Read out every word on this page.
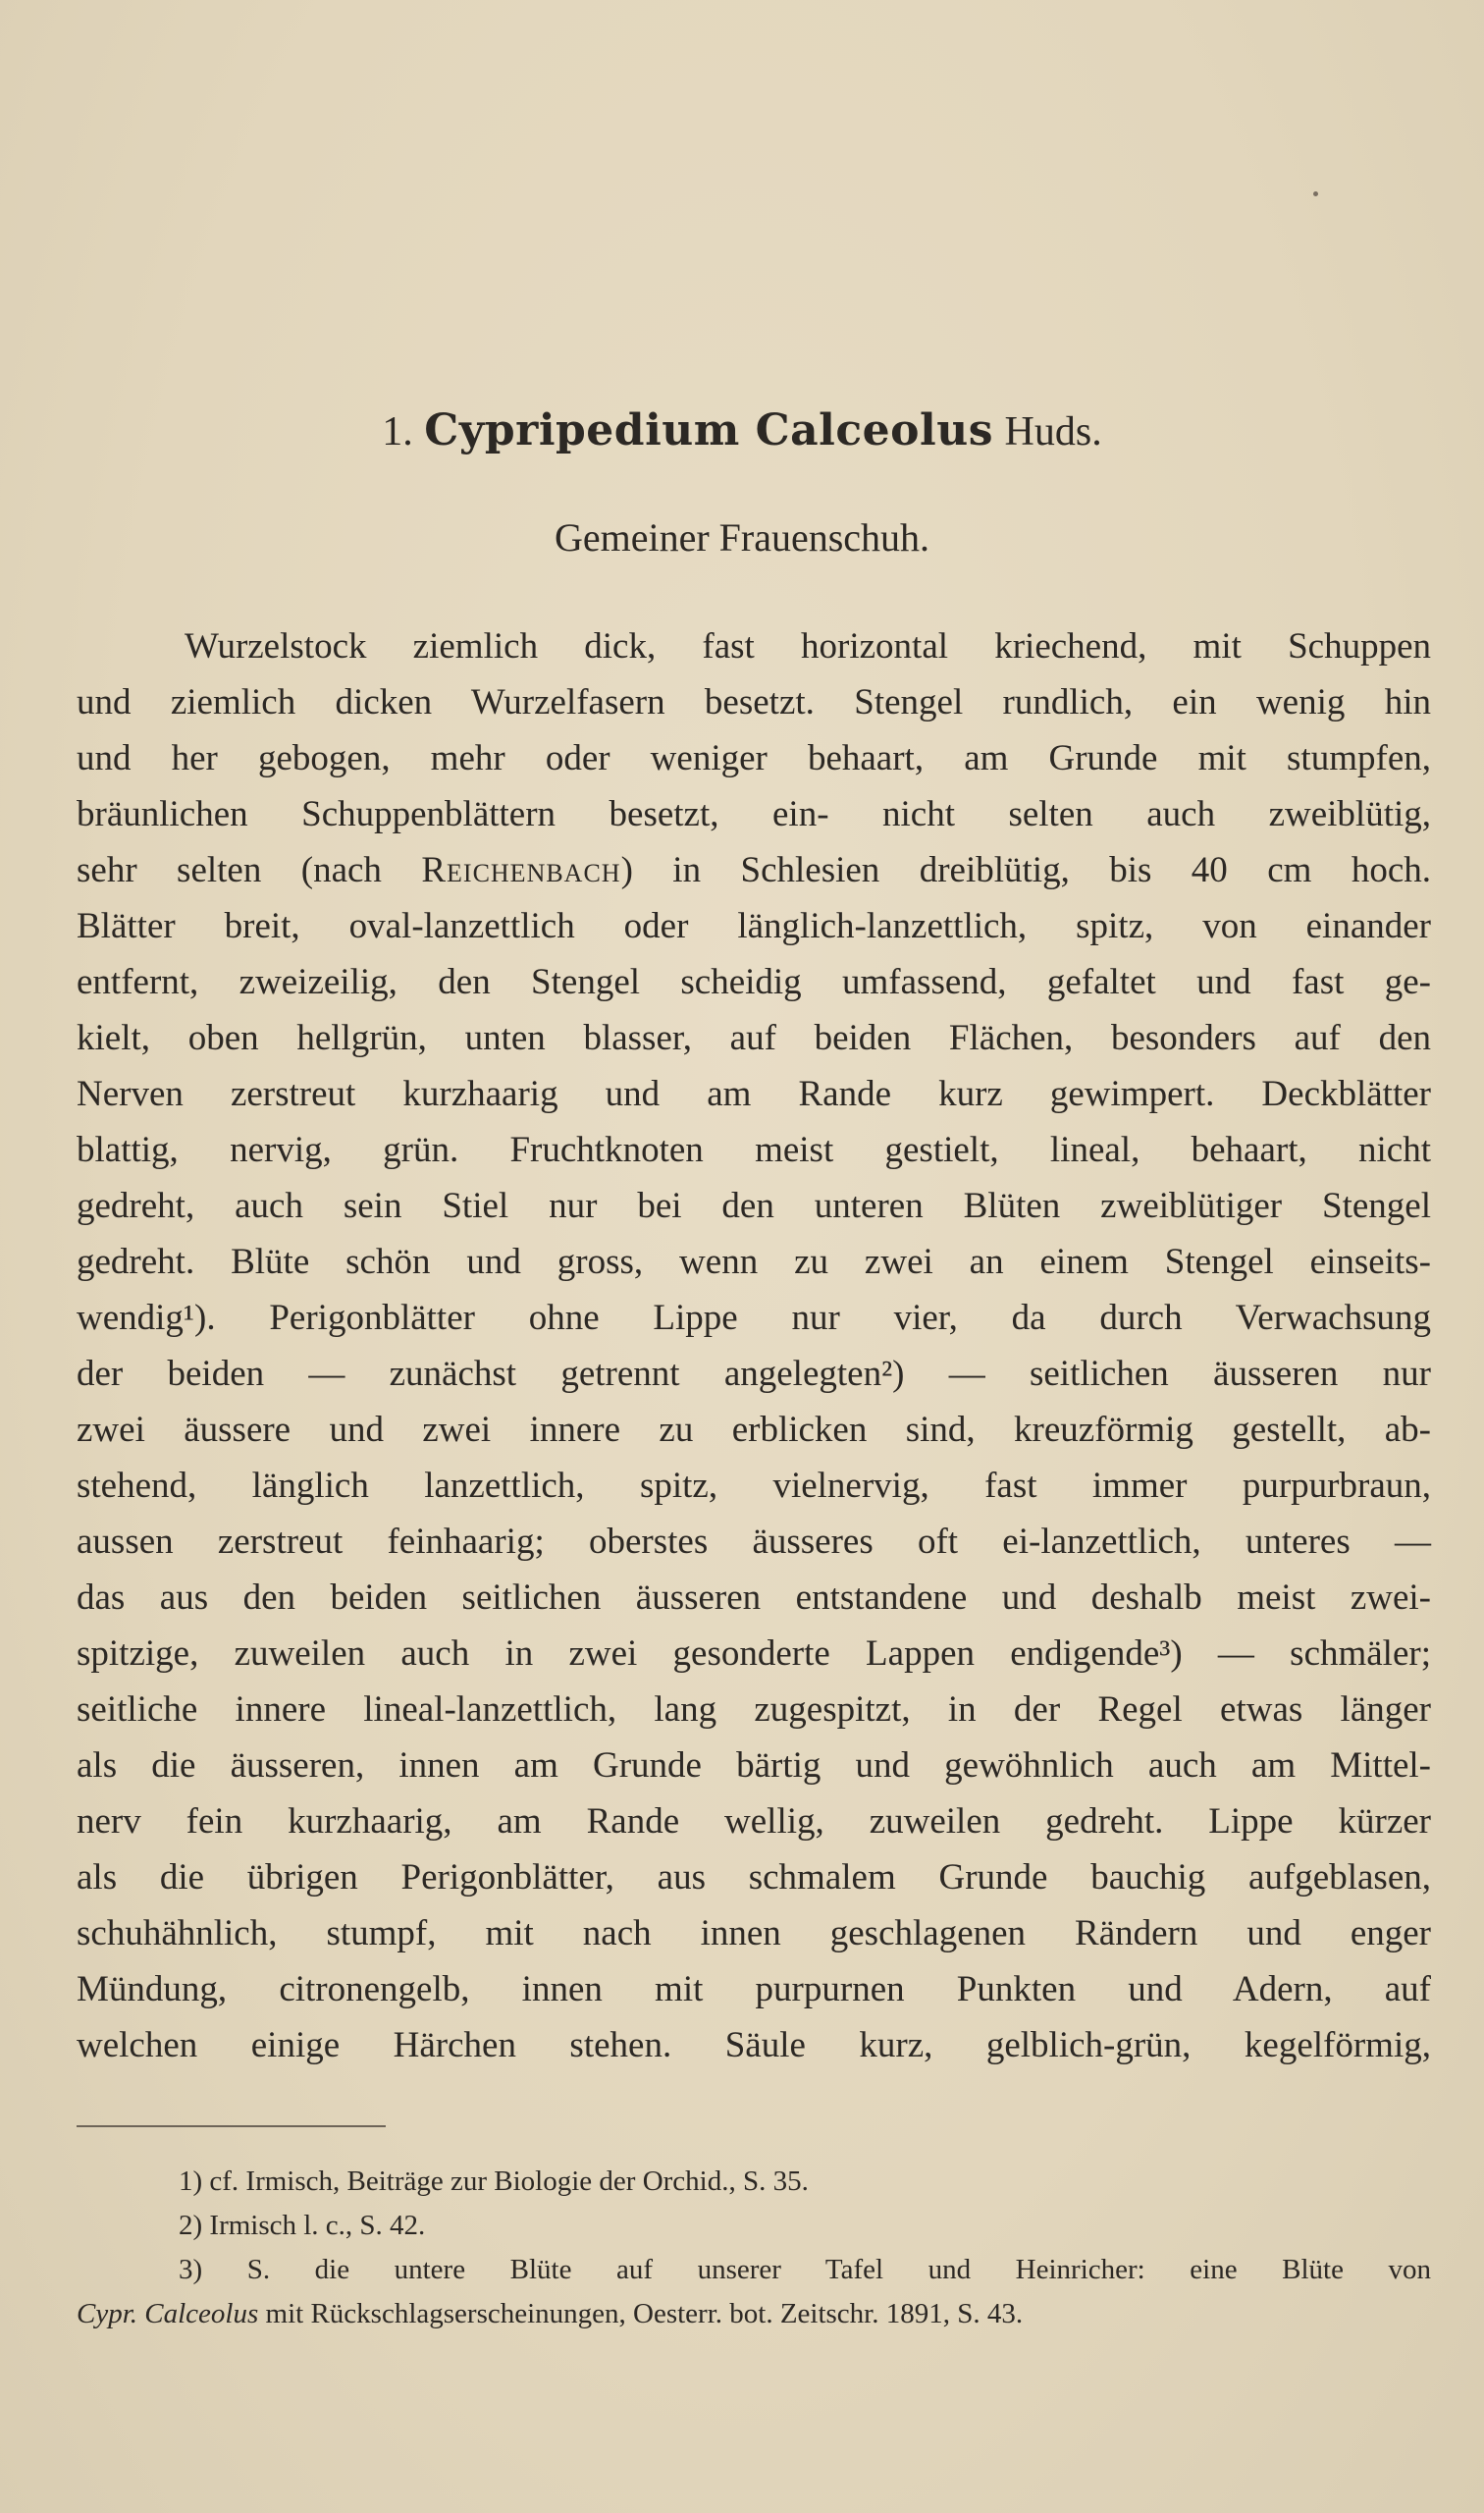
1. Cypripedium Calceolus Huds.
Gemeiner Frauenschuh.
Wurzelstock ziemlich dick, fast horizontal kriechend, mit Schuppen
und ziemlich dicken Wurzelfasern besetzt. Stengel rundlich, ein wenig hin
und her gebogen, mehr oder weniger behaart, am Grunde mit stumpfen,
bräunlichen Schuppenblättern besetzt, ein- nicht selten auch zweiblütig,
sehr selten (nach Reichenbach) in Schlesien dreiblütig, bis 40 cm hoch.
Blätter breit, oval-lanzettlich oder länglich-lanzettlich, spitz, von einander
entfernt, zweizeilig, den Stengel scheidig umfassend, gefaltet und fast ge-
kielt, oben hellgrün, unten blasser, auf beiden Flächen, besonders auf den
Nerven zerstreut kurzhaarig und am Rande kurz gewimpert. Deckblätter
blattig, nervig, grün. Fruchtknoten meist gestielt, lineal, behaart, nicht
gedreht, auch sein Stiel nur bei den unteren Blüten zweiblütiger Stengel
gedreht. Blüte schön und gross, wenn zu zwei an einem Stengel einseits-
wendig¹). Perigonblätter ohne Lippe nur vier, da durch Verwachsung
der beiden — zunächst getrennt angelegten²) — seitlichen äusseren nur
zwei äussere und zwei innere zu erblicken sind, kreuzförmig gestellt, ab-
stehend, länglich lanzettlich, spitz, vielnervig, fast immer purpurbraun,
aussen zerstreut feinhaarig; oberstes äusseres oft ei-lanzettlich, unteres —
das aus den beiden seitlichen äusseren entstandene und deshalb meist zwei-
spitzige, zuweilen auch in zwei gesonderte Lappen endigende³) — schmäler;
seitliche innere lineal-lanzettlich, lang zugespitzt, in der Regel etwas länger
als die äusseren, innen am Grunde bärtig und gewöhnlich auch am Mittel-
nerv fein kurzhaarig, am Rande wellig, zuweilen gedreht. Lippe kürzer
als die übrigen Perigonblätter, aus schmalem Grunde bauchig aufgeblasen,
schuhähnlich, stumpf, mit nach innen geschlagenen Rändern und enger
Mündung, citronengelb, innen mit purpurnen Punkten und Adern, auf
welchen einige Härchen stehen. Säule kurz, gelblich-grün, kegelförmig,
1) cf. Irmisch, Beiträge zur Biologie der Orchid., S. 35.
2) Irmisch l. c., S. 42.
3) S. die untere Blüte auf unserer Tafel und Heinricher: eine Blüte von
Cypr. Calceolus mit Rückschlagserscheinungen, Oesterr. bot. Zeitschr. 1891, S. 43.
